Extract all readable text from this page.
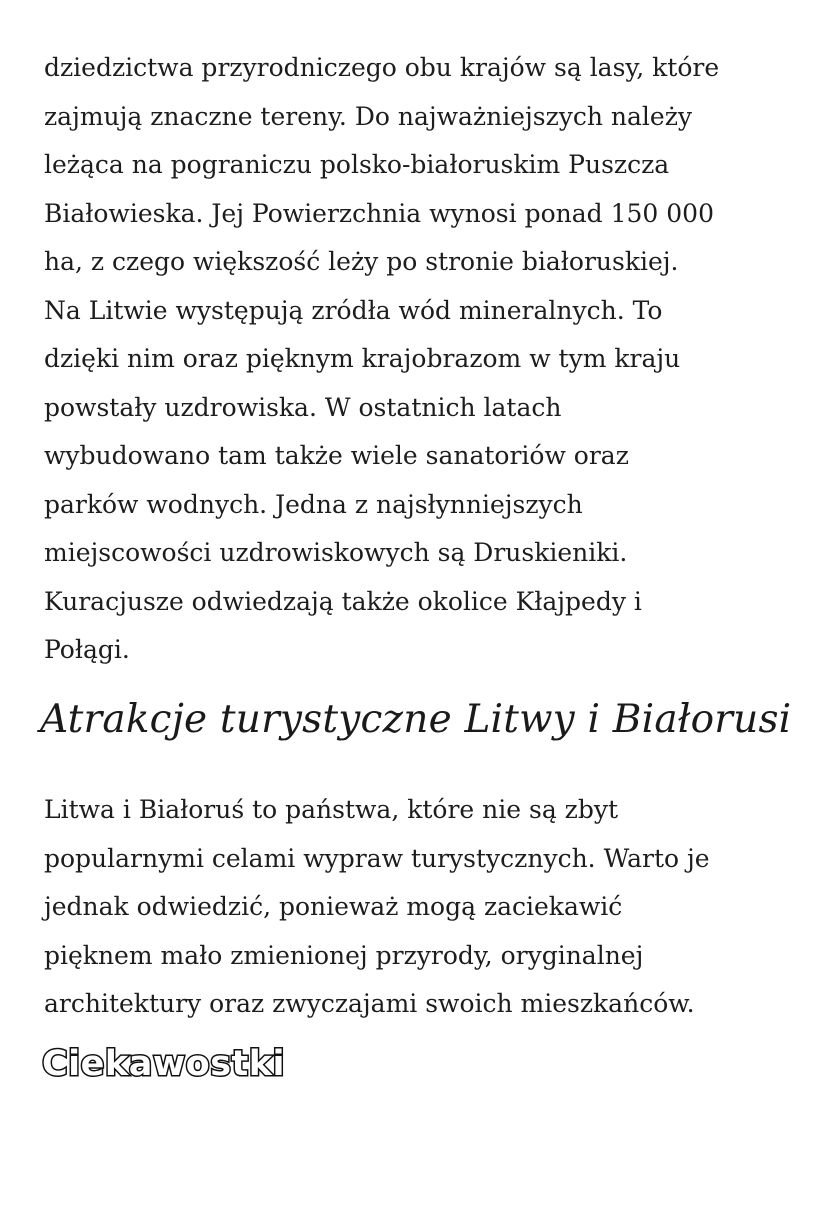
dziedzictwa przyrodniczego obu krajów są lasy, które
zajmują znaczne tereny. Do najważniejszych należy
leżąca na pograniczu polsko-białoruskim Puszcza
Białowieska. Jej Powierzchnia wynosi ponad 150 000
ha, z czego większość leży po stronie białoruskiej.
Na Litwie występują zródła wód mineralnych. To
dzięki nim oraz pięknym krajobrazom w tym kraju
powstały uzdrowiska. W ostatnich latach
wybudowano tam także wiele sanatoriów oraz
parków wodnych. Jedna z najsłynniejszych
miejscowości uzdrowiskowych są Druskieniki.
Kuracjusze odwiedzają także okolice Kłajpedy i
Połągi.

Atrakcje turystyczne Litwy i Białorusi

Litwa i Białoruś to państwa, które nie są zbyt
popularnymi celami wypraw turystycznych. Warto je
jednak odwiedzić, ponieważ mogą zaciekawić
pięknem mało zmienionej przyrody, oryginalnej
architektury oraz zwyczajami swoich mieszkańców.

Ciekawostki
